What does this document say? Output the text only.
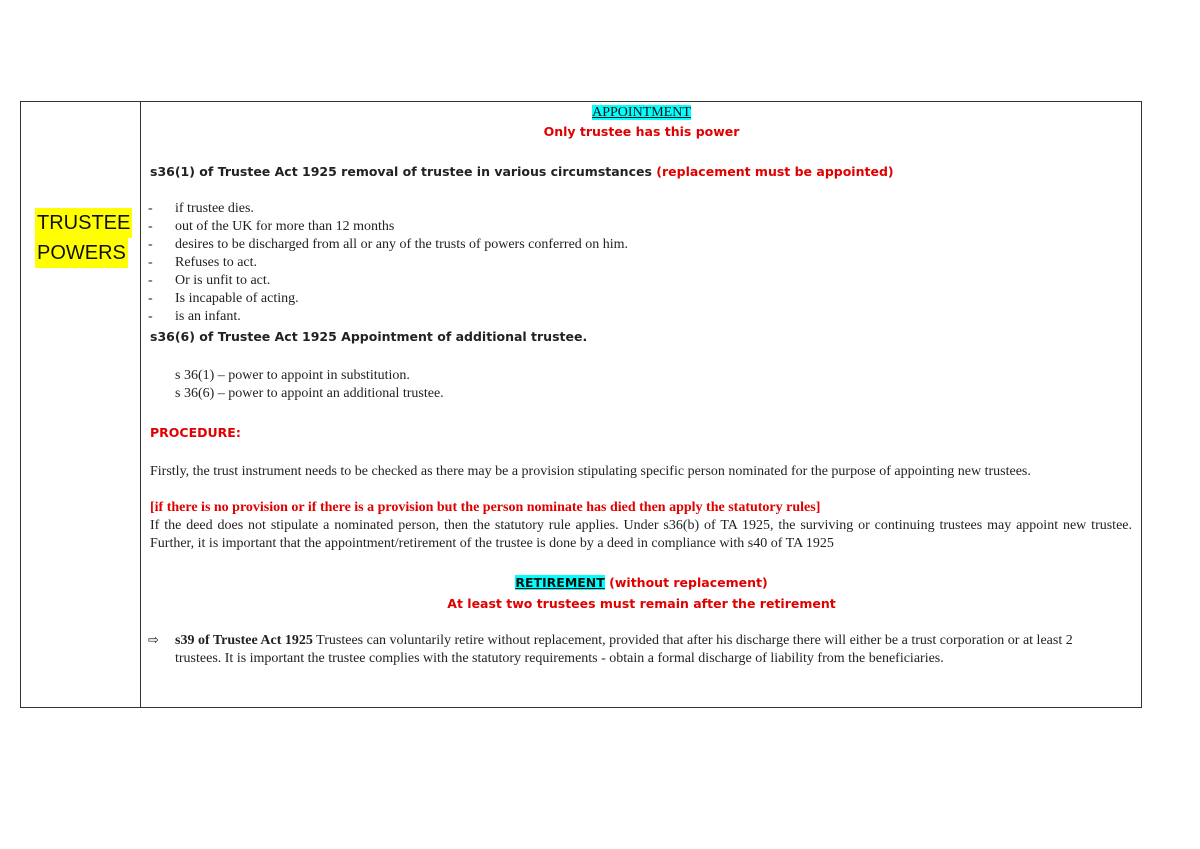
TRUSTEE
POWERS
APPOINTMENT
Only trustee has this power
s36(1) of Trustee Act 1925 removal of trustee in various circumstances (replacement must be appointed)
- if trustee dies.
- out of the UK for more than 12 months
- desires to be discharged from all or any of the trusts of powers conferred on him.
- Refuses to act.
- Or is unfit to act.
- Is incapable of acting.
- is an infant.
s36(6) of Trustee Act 1925 Appointment of additional trustee.
s 36(1) – power to appoint in substitution.
s 36(6) – power to appoint an additional trustee.
PROCEDURE:
Firstly, the trust instrument needs to be checked as there may be a provision stipulating specific person nominated for the purpose of appointing new trustees.
[if there is no provision or if there is a provision but the person nominate has died then apply the statutory rules]
If the deed does not stipulate a nominated person, then the statutory rule applies. Under s36(b) of TA 1925, the surviving or continuing trustees may appoint new trustee. Further, it is important that the appointment/retirement of the trustee is done by a deed in compliance with s40 of TA 1925
RETIREMENT (without replacement)
At least two trustees must remain after the retirement
⇨ s39 of Trustee Act 1925 Trustees can voluntarily retire without replacement, provided that after his discharge there will either be a trust corporation or at least 2 trustees. It is important the trustee complies with the statutory requirements - obtain a formal discharge of liability from the beneficiaries.
